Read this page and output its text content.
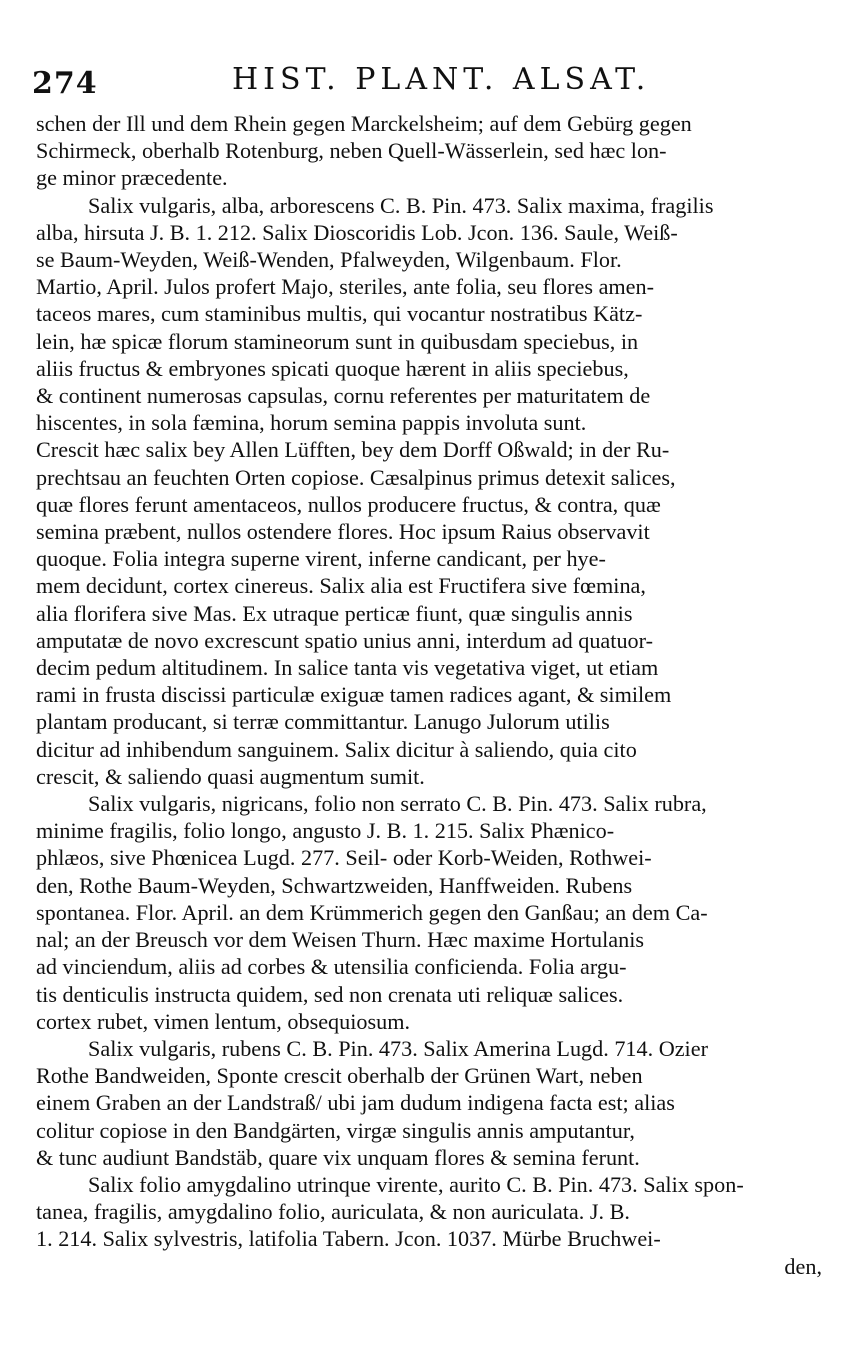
274	HIST. PLANT. ALSAT.
schen der Ill und dem Rhein gegen Marckelsheim; auf dem Gebürg gegen
Schirmeck, oberhalb Rotenburg, neben Quell-Wässerlein, sed hæc lon-
ge minor præcedente.
Salix vulgaris, alba, arborescens C. B. Pin. 473. Salix maxima, fragilis
alba, hirsuta J. B. 1. 212. Salix Dioscoridis Lob. Jcon. 136. Saule, Weiß-
se Baum-Weyden, Weiß-Wenden, Pfalweyden, Wilgenbaum. Flor.
Martio, April. Julos profert Majo, steriles, ante folia, seu flores amen-
taceos mares, cum staminibus multis, qui vocantur nostratibus Kätz-
lein, hæ spicæ florum stamineorum sunt in quibusdam speciebus, in
aliis fructus & embryones spicati quoque hærent in aliis speciebus,
& continent numerosas capsulas, cornu referentes per maturitatem de
hiscentes, in sola fæmina, horum semina pappis involuta sunt.
Crescit hæc salix bey Allen Lüfften, bey dem Dorff Oßwald; in der Ru-
prechtsau an feuchten Orten copiose. Cæsalpinus primus detexit salices,
quæ flores ferunt amentaceos, nullos producere fructus, & contra, quæ
semina præbent, nullos ostendere flores. Hoc ipsum Raius observavit
quoque. Folia integra superne virent, inferne candicant, per hye-
mem decidunt, cortex cinereus. Salix alia est Fructifera sive fœmina,
alia florifera sive Mas. Ex utraque perticæ fiunt, quæ singulis annis
amputatæ de novo excrescunt spatio unius anni, interdum ad quatuor-
decim pedum altitudinem. In salice tanta vis vegetativa viget, ut etiam
rami in frusta discissi particulæ exiguæ tamen radices agant, & similem
plantam producant, si terræ committantur. Lanugo Julorum utilis
dicitur ad inhibendum sanguinem. Salix dicitur à saliendo, quia cito
crescit, & saliendo quasi augmentum sumit.
Salix vulgaris, nigricans, folio non serrato C. B. Pin. 473. Salix rubra,
minime fragilis, folio longo, angusto J. B. 1. 215. Salix Phænico-
phlæos, sive Phœnicea Lugd. 277. Seil- oder Korb-Weiden, Rothwei-
den, Rothe Baum-Weyden, Schwartzweiden, Hanffweiden. Rubens
spontanea. Flor. April. an dem Krümmerich gegen den Ganßau; an dem Ca-
nal; an der Breusch vor dem Weisen Thurn. Hæc maxime Hortulanis
ad vinciendum, aliis ad corbes & utensilia conficienda. Folia argu-
tis denticulis instructa quidem, sed non crenata uti reliquæ salices.
cortex rubet, vimen lentum, obsequiosum.
Salix vulgaris, rubens C. B. Pin. 473. Salix Amerina Lugd. 714. Ozier
Rothe Bandweiden, Sponte crescit oberhalb der Grünen Wart, neben
einem Graben an der Landstraß/ ubi jam dudum indigena facta est; alias
colitur copiose in den Bandgärten, virgæ singulis annis amputantur,
& tunc audiunt Bandstäb, quare vix unquam flores & semina ferunt.
Salix folio amygdalino utrinque virente, aurito C. B. Pin. 473. Salix spon-
tanea, fragilis, amygdalino folio, auriculata, & non auriculata. J. B.
1. 214. Salix sylvestris, latifolia Tabern. Jcon. 1037. Mürbe Bruchwei-
den,
